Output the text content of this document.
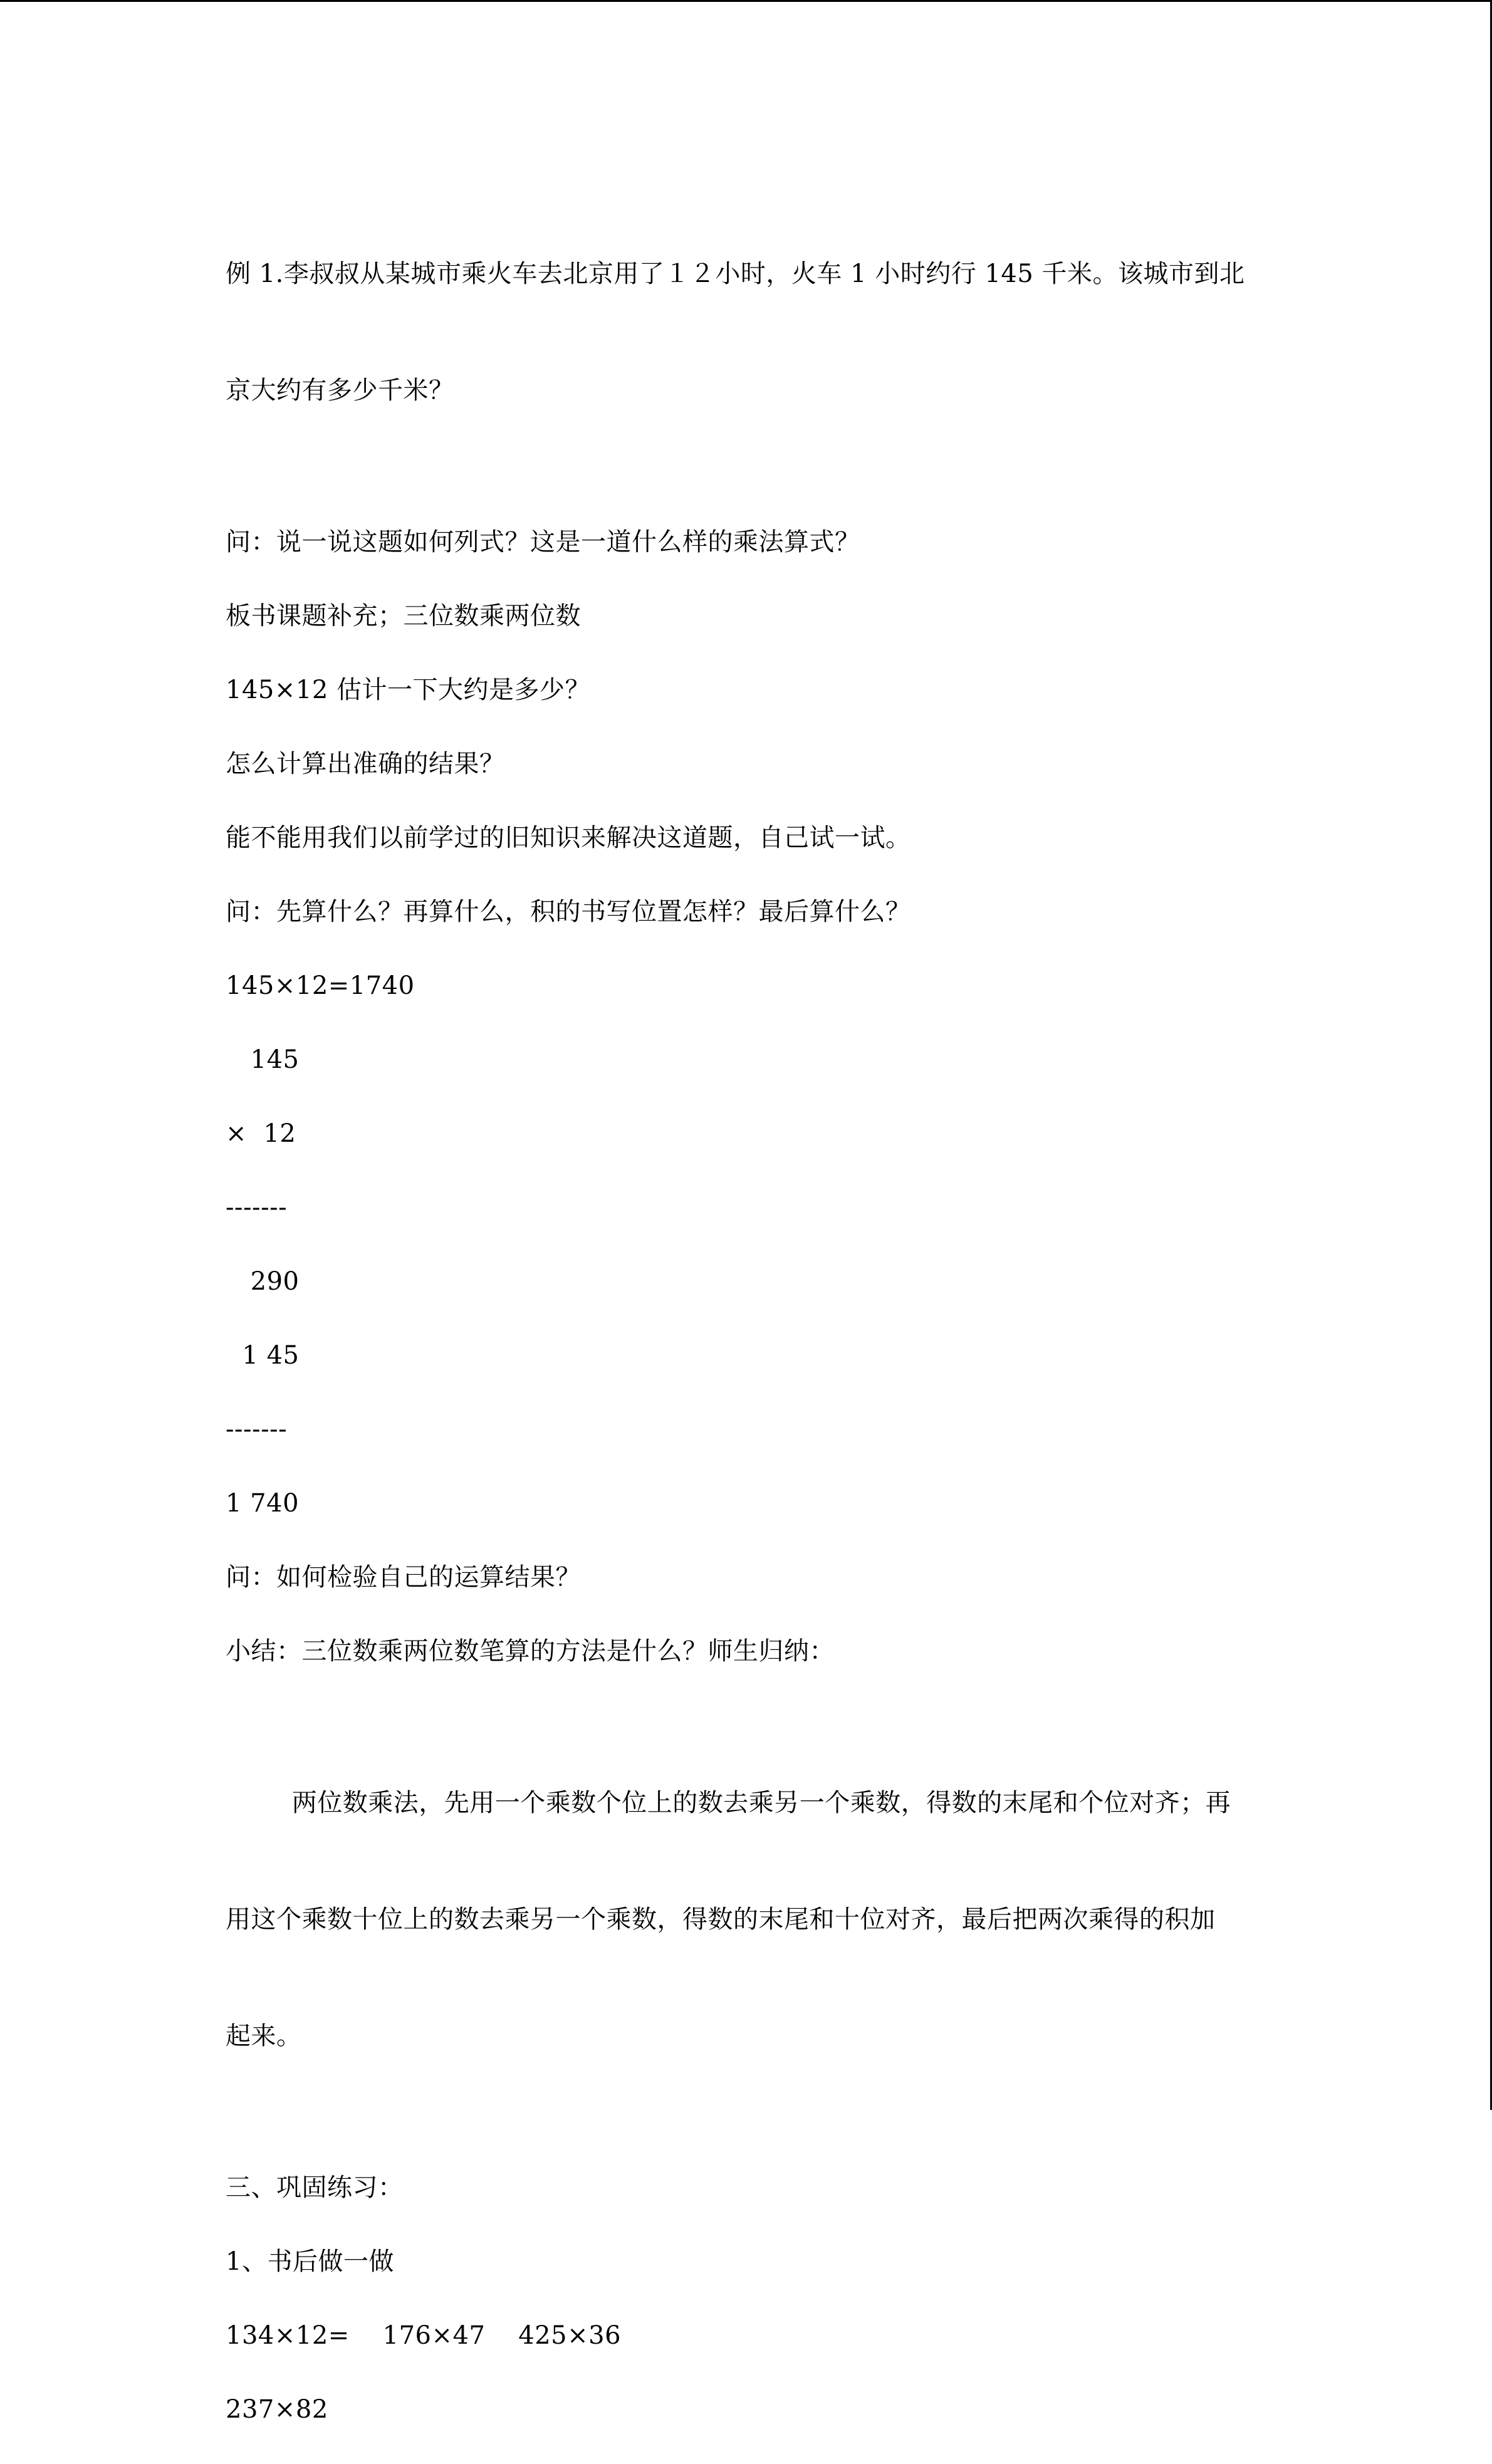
例 1.李叔叔从某城市乘火车去北京用了１２小时，火车 1 小时约行 145 千米。该城市到北

京大约有多少千米？

问：说一说这题如何列式？这是一道什么样的乘法算式？
板书课题补充；三位数乘两位数
145×12 估计一下大约是多少？
怎么计算出准确的结果？
能不能用我们以前学过的旧知识来解决这道题，自己试一试。
问：先算什么？再算什么，积的书写位置怎样？最后算什么？
145×12=1740
145
×  12
-------
290
1 45
-------
1 740
问：如何检验自己的运算结果？
小结：三位数乘两位数笔算的方法是什么？师生归纳：

两位数乘法，先用一个乘数个位上的数去乘另一个乘数，得数的末尾和个位对齐；再

用这个乘数十位上的数去乘另一个乘数，得数的末尾和十位对齐，最后把两次乘得的积加

起来。

三、巩固练习：
1、书后做一做
134×12=    176×47    425×36
237×82
